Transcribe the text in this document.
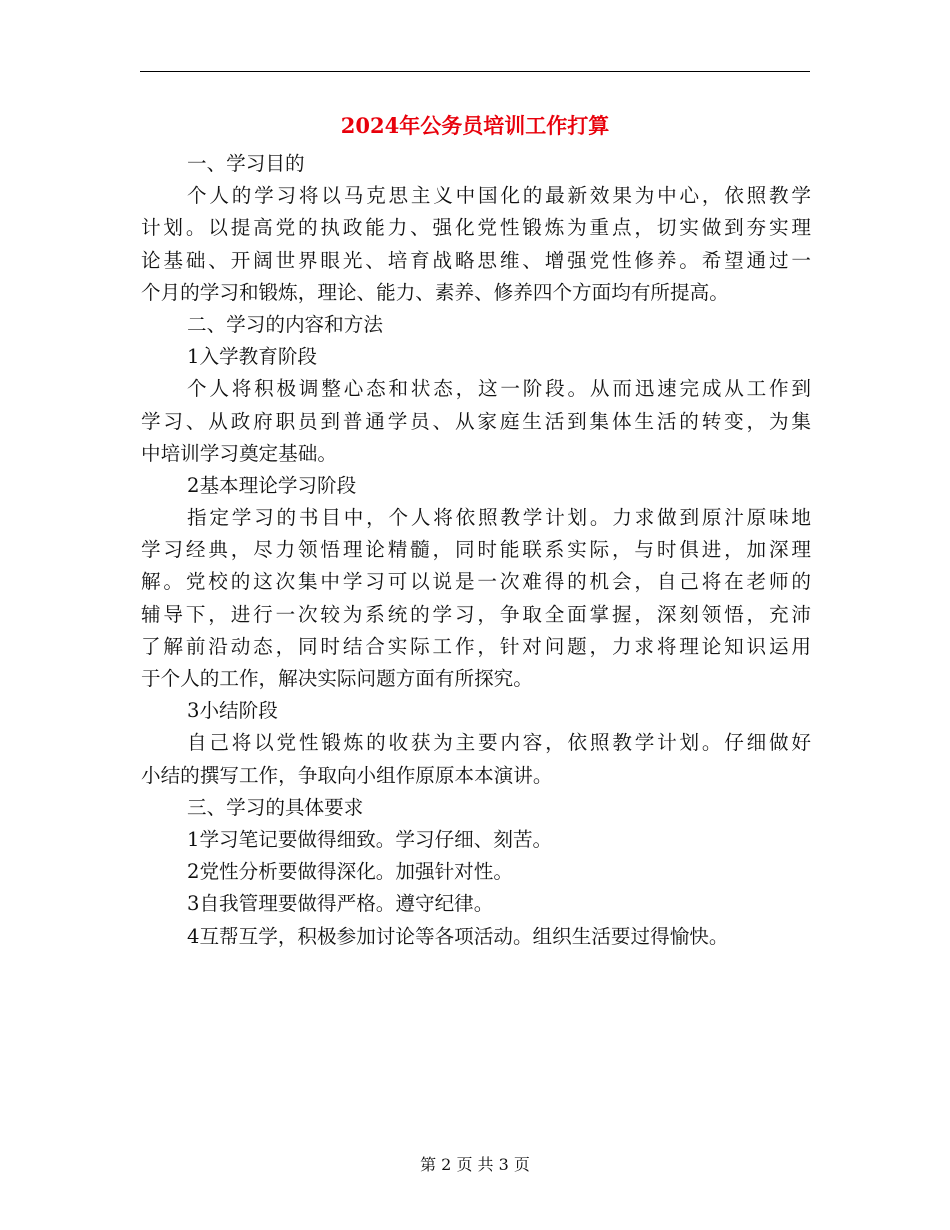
2024年公务员培训工作打算
一、学习目的
个人的学习将以马克思主义中国化的最新效果为中心，依照教学
计划。以提高党的执政能力、强化党性锻炼为重点，切实做到夯实理
论基础、开阔世界眼光、培育战略思维、增强党性修养。希望通过一
个月的学习和锻炼，理论、能力、素养、修养四个方面均有所提高。
二、学习的内容和方法
1入学教育阶段
个人将积极调整心态和状态，这一阶段。从而迅速完成从工作到
学习、从政府职员到普通学员、从家庭生活到集体生活的转变，为集
中培训学习奠定基础。
2基本理论学习阶段
指定学习的书目中，个人将依照教学计划。力求做到原汁原味地
学习经典，尽力领悟理论精髓，同时能联系实际，与时俱进，加深理
解。党校的这次集中学习可以说是一次难得的机会，自己将在老师的
辅导下，进行一次较为系统的学习，争取全面掌握，深刻领悟，充沛
了解前沿动态，同时结合实际工作，针对问题，力求将理论知识运用
于个人的工作，解决实际问题方面有所探究。
3小结阶段
自己将以党性锻炼的收获为主要内容，依照教学计划。仔细做好
小结的撰写工作，争取向小组作原原本本演讲。
三、学习的具体要求
1学习笔记要做得细致。学习仔细、刻苦。
2党性分析要做得深化。加强针对性。
3自我管理要做得严格。遵守纪律。
4互帮互学，积极参加讨论等各项活动。组织生活要过得愉快。
第 2 页 共 3 页
